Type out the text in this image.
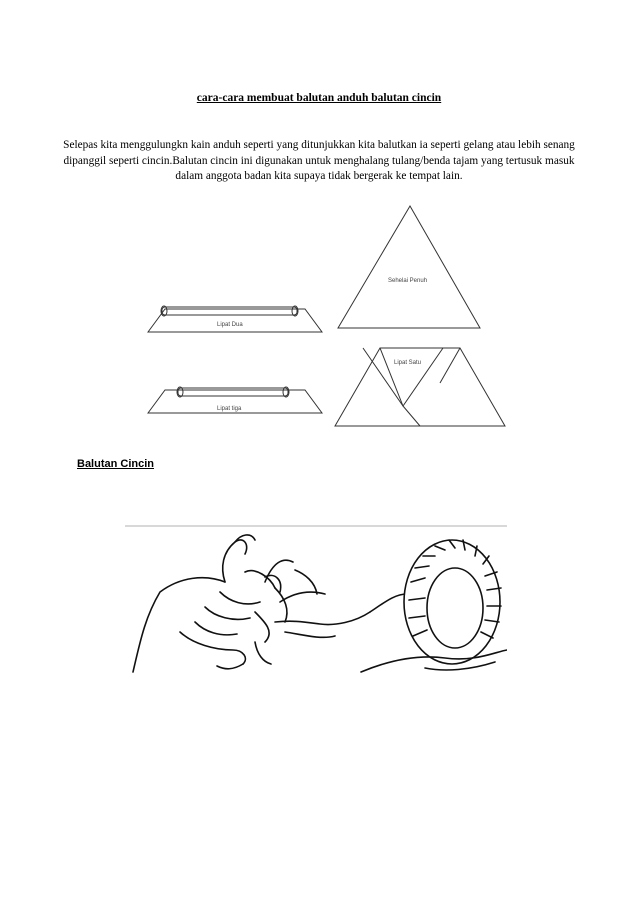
cara-cara membuat balutan anduh balutan cincin
Selepas kita menggulungkn kain anduh seperti yang ditunjukkan kita balutkan ia seperti gelang atau lebih senang dipanggil seperti cincin.Balutan cincin ini digunakan untuk menghalang tulang/benda tajam yang tertusuk masuk dalam anggota badan kita supaya tidak bergerak ke tempat lain.
Sehelai Penuh
Lipat Dua
Lipat Satu
Lipat tiga
Balutan Cincin
